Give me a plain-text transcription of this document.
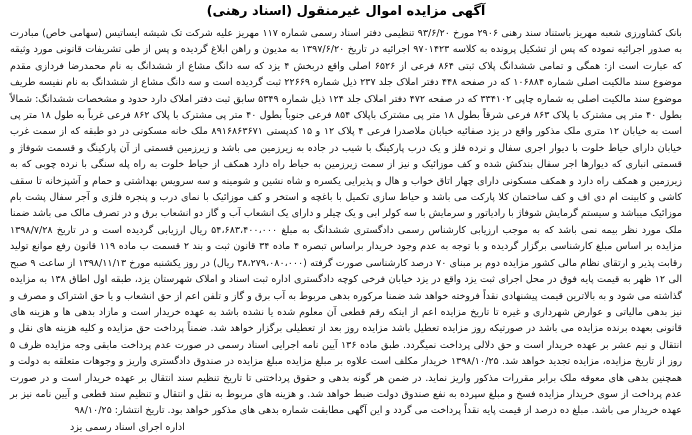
آگهی مزایده اموال غیرمنقول (اسناد رهنی)

بانک کشاورزی شعبه مهریز باستناد سند رهنی ۲۹۰۶ مورخ ۹۳/۶/۲۰ تنظیمی دفتر اسناد رسمی شماره ۱۱۷ مهریز علیه شرکت تک شیشه ایساتیس (سهامی خاص) مبادرت به صدور اجرائیه نموده که پس از تشکیل پرونده به کلاسه ۹۷۰۱۴۲۳ اجرائیه در تاریخ ۱۳۹۷/۶/۲۰ به مدیون و راهن ابلاغ گردیده و پس از طی تشریفات قانونی مورد وثیقه که عبارت است از: همگی و تمامی ششدانگ پلاک ثبتی ۸۶۴ فرعی از ۶۵۲۶ اصلی واقع دربخش ۴ یزد که سه دانگ مشاع از ششدانگ به نام محمدرضا فردازی مقدم موضوع سند مالکیت اصلی شماره ۱۰۶۸۸۴ که در صفحه ۴۴۸ دفتر املاک جلد ۲۳۷ ذیل شماره ۲۲۶۶۹ ثبت گردیده است و سه دانگ مشاع از ششدانگ به نام نفیسه طریف موضوع سند مالکیت اصلی به شماره چاپی ۳۳۴۱۰۲ که در صفحه ۴۷۲ دفتر املاک جلد ۱۲۴ ذیل شماره ۵۳۴۹ سابق ثبت دفتر املاک دارد حدود و مشخصات ششدانگ: شمالاً بطول ۴۰ متر پی مشترک با پلاک ۸۶۳ فرعی شرقاً بطول ۱۸ متر پی مشترک باپلاک ۸۵۴ فرعی جنوباً بطول ۴۰ متر پی مشترک با پلاک ۸۶۲ فرعی غرباً به طول ۱۸ متر پی است به خیابان ۱۲ متری ملک مذکور واقع در یزد صفائیه خیابان ملاصدرا فرعی ۴ پلاک ۱۲ و ۱۵ کدپستی ۸۹۱۶۸۶۳۶۷۱ ملک خانه مسکونی در دو طبقه که از سمت غرب خیابان دارای حیاط خلوت با دیوار اجری سفال و نرده فلز و یک درب پارکینگ با شیب در جاده به زیرزمین می باشد و زیرزمین قسمتی از آن پارکینگ و قسمت شوفاژ و قسمتی انباری که دیوارها اجر سفال بندکش شده و کف موزائیک و نیز از سمت زیرزمین به حیاط راه دارد همکف از حیاط خلوت به راه پله سنگی با نرده چوبی که به زیرزمین و همکف راه دارد و همکف مسکونی دارای چهار اتاق خواب و هال و پذیرایی یکسره و شاه نشین و شومینه و سه سرویس بهداشتی و حمام و آشپزخانه تا سقف کاشی و کابینت ام دی اف و کف ساختمان کلا پارکت می باشد و حیاط سازی تکمیل با باغچه و استخر و کف موزائیک با نمای درب و پنجره فلزی و آجر سفال پشت بام موزائیک میباشد و سیستم گرمایش شوفاژ با رادیاتور و سرمایش با سه کولر ابی و یک چیلر و دارای یک انشعاب آب و گاز دو انشعاب برق و در تصرف مالک می باشد ضمنا ملک مورد نظر بیمه نمی باشد که به موجب ارزیابی کارشناس رسمی دادگستری ششدانگ به مبلغ ۵۴،۶۸۳،۴۰۰،۰۰۰ ریال ارزیابی گردیده است و در تاریخ ۱۳۹۸/۷/۲۸ مزایده بر اساس مبلغ کارشناسی برگزار گردیده و با توجه به عدم وجود خریدار براساس تبصره ۴ ماده ۳۴ قانون ثبت و بند ۲ قسمت ب ماده ۱۱۹ قانون رفع موانع تولید رقابت پذیر و ارتقای نظام مالی کشور مزایده دوم بر مبنای ۷۰ درصد کارشناسی صورت گرفته (۳۸،۲۷۹،۰۸۰،۰۰۰ ریال) در روز یکشنبه مورخ ۱۳۹۸/۱۱/۱۳ از ساعت ۹ صبح الی ۱۲ ظهر به قیمت پایه فوق در محل اجرای ثبت یزد واقع در یزد خیابان فرخی کوچه دادگستری اداره ثبت اسناد و املاک شهرستان یزد، طبقه اول اطاق ۱۳۸ به مزایده گذاشته می شود و به بالاترین قیمت پیشنهادی نقداً فروخته خواهد شد ضمنا مرکوره بدهی مربوط به آب برق و گاز و تلفن اعم از حق انشعاب و یا حق اشتراک و مصرف و نیز بدهی مالیاتی و عوارض شهرداری و غیره تا تاریخ مزایده اعم از اینکه رقم قطعی آن معلوم شده یا نشده باشد به عهده خریدار است و مازاد بدهی ها و هزینه های قانونی بعهده برنده مزایده می باشد در صورتیکه روز مزایده تعطیل باشد مزایده روز بعد از تعطیلی برگزار خواهد شد. ضمناً پرداخت حق مزایده و کلیه هزینه های نقل و انتقال و نیم عشر بر عهده خریدار است و حق دلالی پرداخت نمیگردد. طبق ماده ۱۳۶ آیین نامه اجرایی اسناد رسمی در صورت عدم پرداخت مابقی وجه مزایده ظرف ۵ روز از تاریخ مزایده، مزایده تجدید خواهد شد. ۱۳۹۸/۱۰/۲۵ خریدار مکلف است علاوه بر مبلغ مزایده مبلغ مزایده در صندوق دادگستری واریز و وجوهات متعلقه به دولت و همچنین بدهی های معوقه ملک برابر مقررات مذکور واریز نماید. در ضمن هر گونه بدهی و حقوق پرداختنی تا تاریخ تنظیم سند انتقال بر عهده خریدار است و در صورت عدم پرداخت از سوی خریدار مزایده فسخ و مبلغ سپرده به نفع صندوق دولت ضبط خواهد شد. و هزینه های مربوط به نقل و انتقال و تنظیم سند قطعی و آیین نامه نیز بر عهده خریدار می باشد. مبلغ ده درصد از قیمت پایه نقداً پرداخت می گردد و این آگهی مطابقت شماره بدهی های مذکور خواهد بود. تاریخ انتشار: ۹۸/۱۰/۲۵

اداره اجرای اسناد رسمی یزد
